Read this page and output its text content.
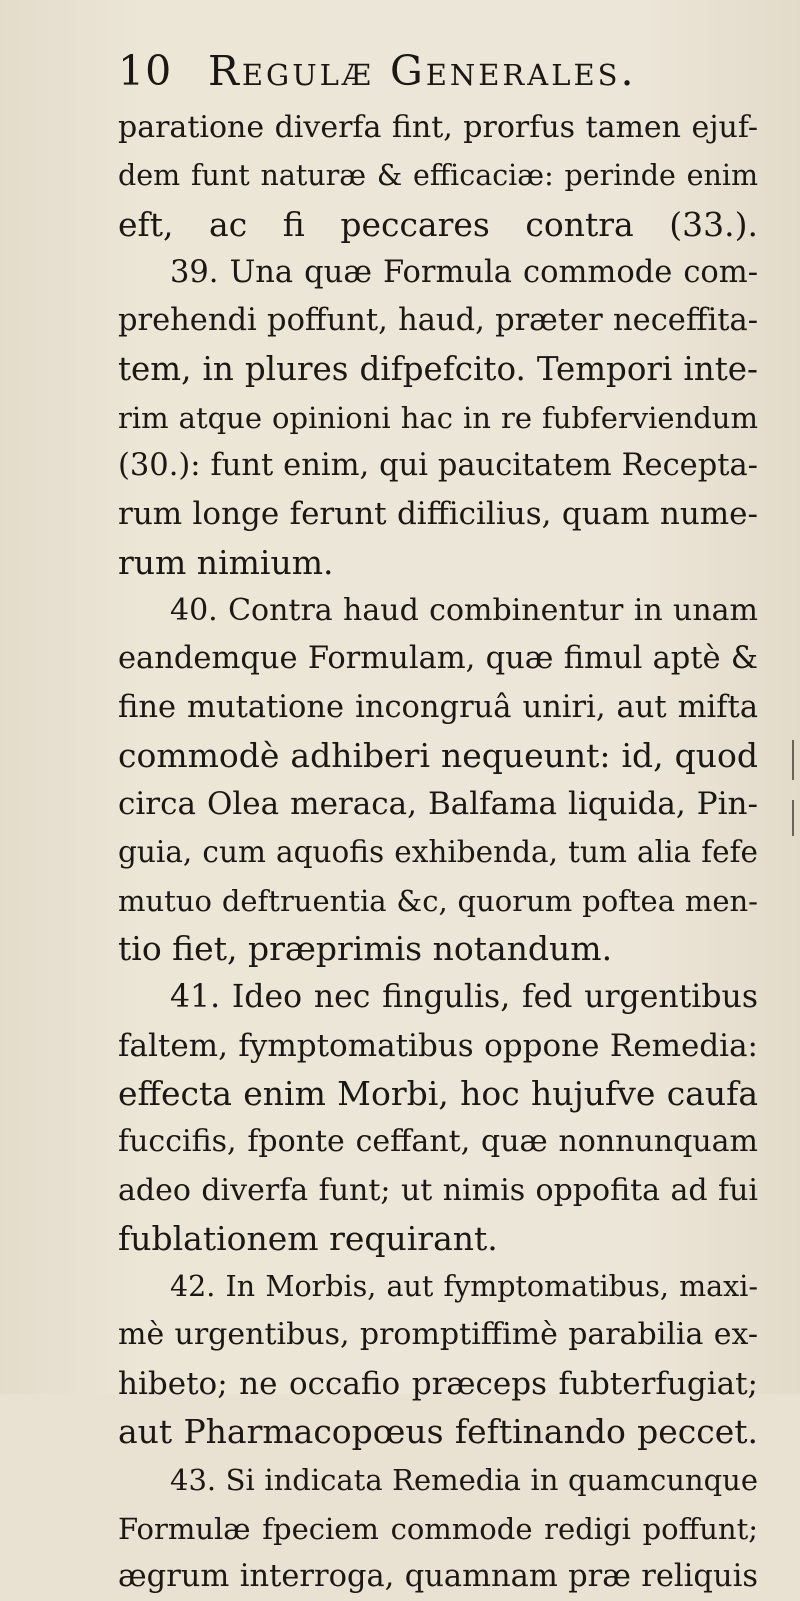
10 Regulæ Generales.
paratione diverfa fint, prorfus tamen ejuf-
dem funt naturæ & efficaciæ: perinde enim
eft, ac fi peccares contra (33.).
39. Una quæ Formula commode com-
prehendi poffunt, haud, præter neceffita-
tem, in plures difpefcito. Tempori inte-
rim atque opinioni hac in re fubferviendum
(30.): funt enim, qui paucitatem Recepta-
rum longe ferunt difficilius, quam nume-
rum nimium.
40. Contra haud combinentur in unam
eandemque Formulam, quæ fimul aptè &
fine mutatione incongruâ uniri, aut mifta
commodè adhiberi nequeunt: id, quod
circa Olea meraca, Balfama liquida, Pin-
guia, cum aquofis exhibenda, tum alia fefe
mutuo deftruentia &c, quorum poftea men-
tio fiet, præprimis notandum.
41. Ideo nec fingulis, fed urgentibus
faltem, fymptomatibus oppone Remedia:
effecta enim Morbi, hoc hujufve caufa
fuccifis, fponte ceffant, quæ nonnunquam
adeo diverfa funt; ut nimis oppofita ad fui
fublationem requirant.
42. In Morbis, aut fymptomatibus, maxi-
mè urgentibus, promptiffimè parabilia ex-
hibeto; ne occafio præceps fubterfugiat;
aut Pharmacopœus feftinando peccet.
43. Si indicata Remedia in quamcunque
Formulæ fpeciem commode redigi poffunt;
ægrum interroga, quamnam præ reliquis
